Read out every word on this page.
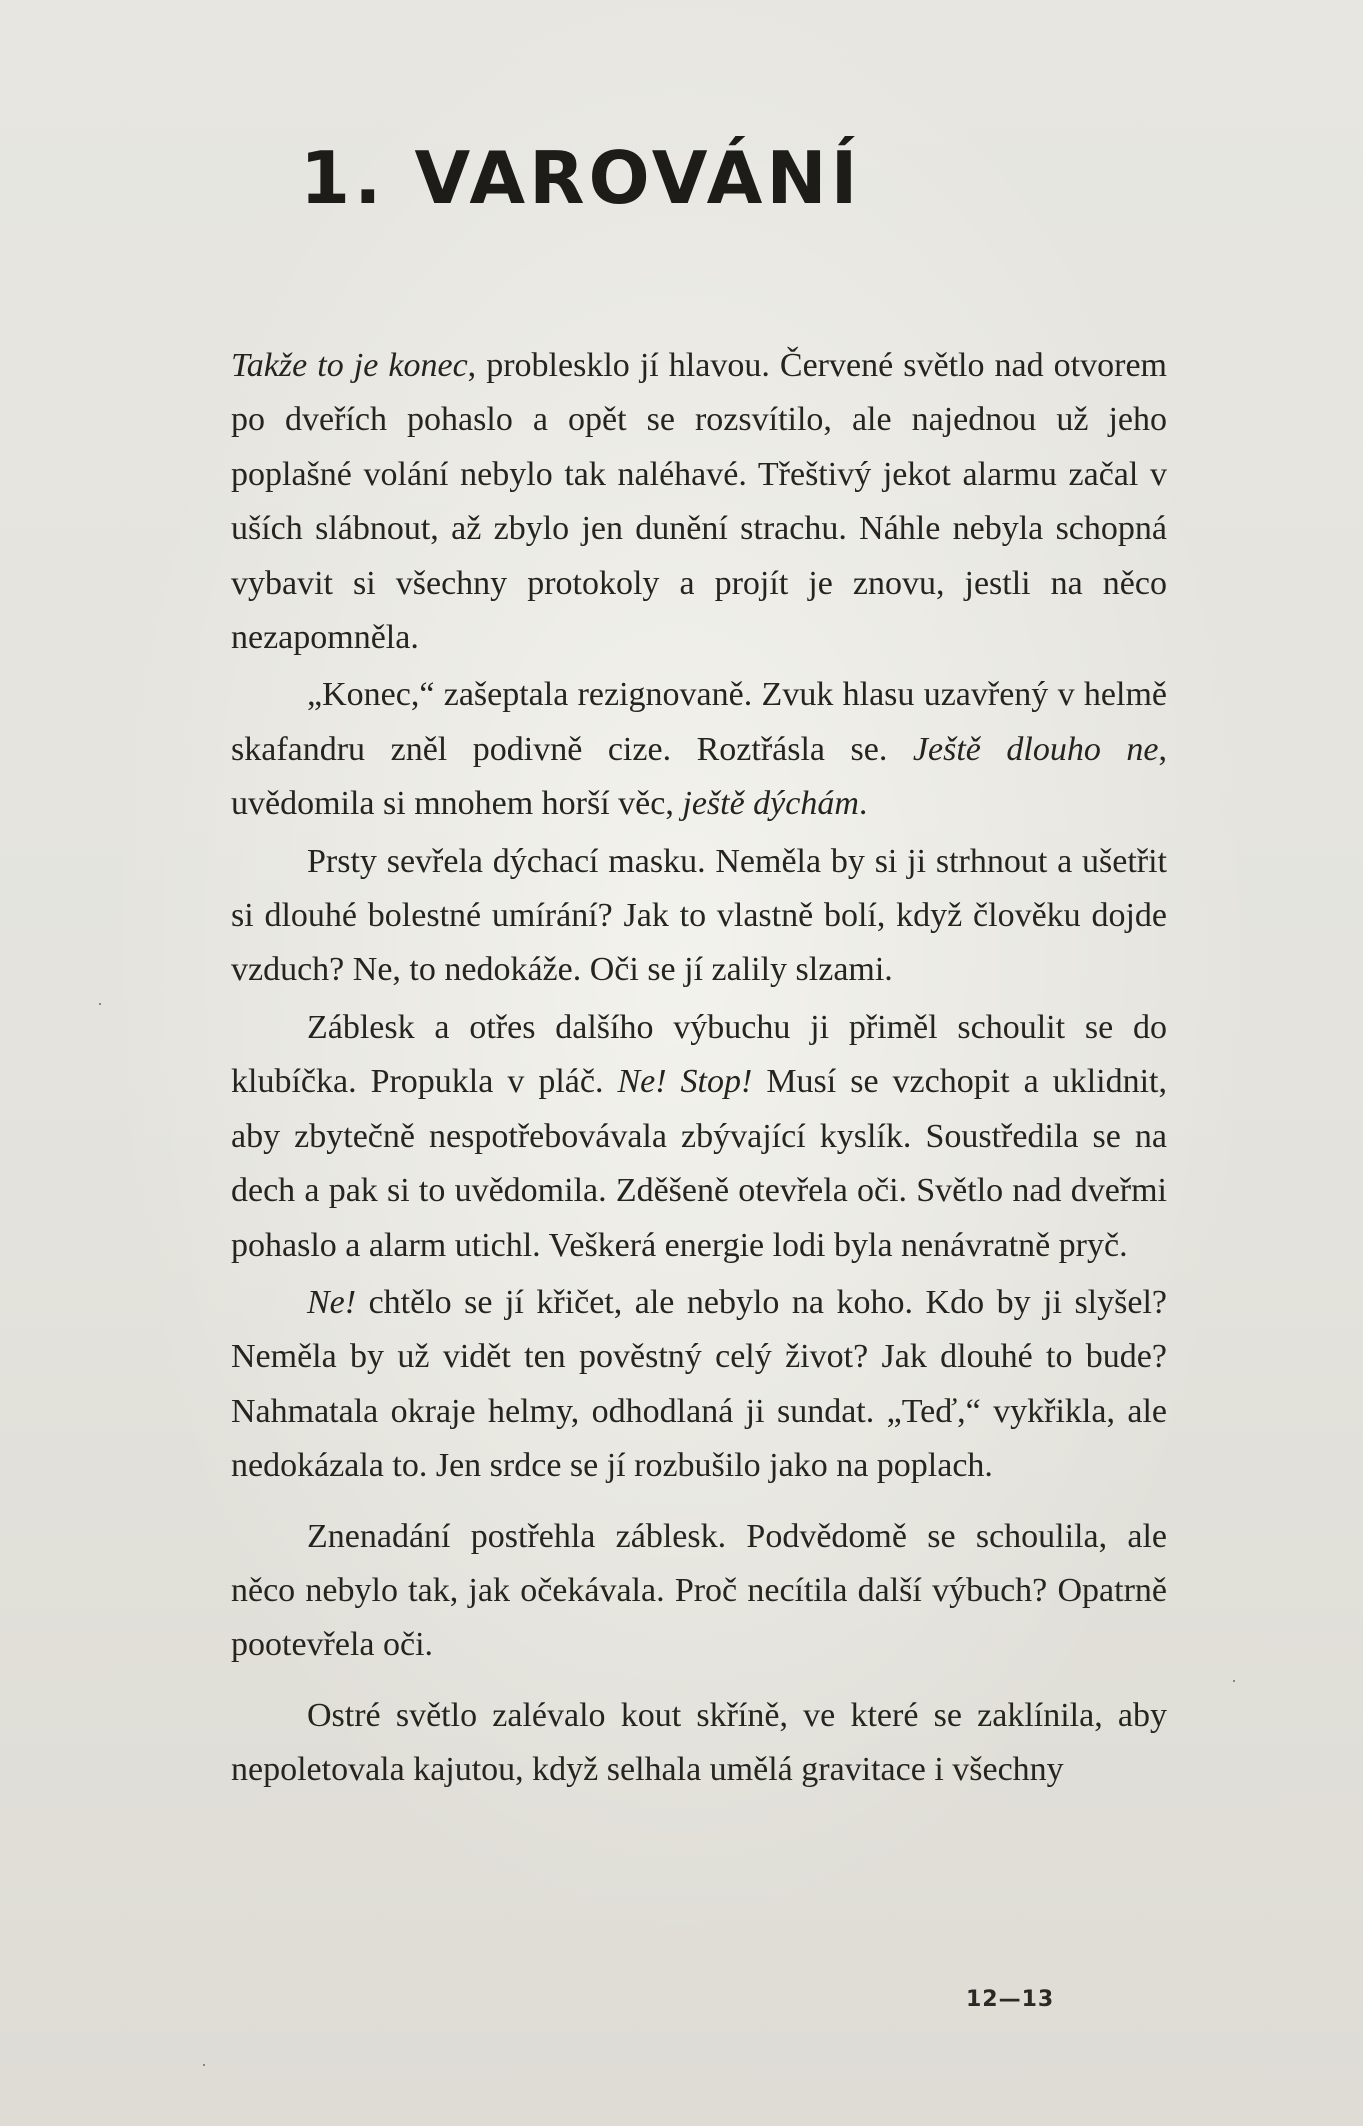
1. VAROVÁNÍ

Takže to je konec, problesklo jí hlavou. Červené světlo nad otvorem po dveřích pohaslo a opět se rozsvítilo, ale najednou už jeho poplašné volání nebylo tak naléhavé. Třeštivý jekot alarmu začal v uších slábnout, až zbylo jen dunění strachu. Náhle nebyla schopná vybavit si všechny protokoly a projít je znovu, jestli na něco nezapomněla.

„Konec,“ zašeptala rezignovaně. Zvuk hlasu uzavřený v helmě skafandru zněl podivně cize. Roztřásla se. Ještě dlouho ne, uvědomila si mnohem horší věc, ještě dýchám.

Prsty sevřela dýchací masku. Neměla by si ji strhnout a ušetřit si dlouhé bolestné umírání? Jak to vlastně bolí, když člověku dojde vzduch? Ne, to nedokáže. Oči se jí zalily slzami.

Záblesk a otřes dalšího výbuchu ji přiměl schoulit se do klubíčka. Propukla v pláč. Ne! Stop! Musí se vzchopit a uklidnit, aby zbytečně nespotřebovávala zbývající kyslík. Soustředila se na dech a pak si to uvědomila. Zděšeně otevřela oči. Světlo nad dveřmi pohaslo a alarm utichl. Veškerá energie lodi byla nenávratně pryč.

Ne! chtělo se jí křičet, ale nebylo na koho. Kdo by ji slyšel? Neměla by už vidět ten pověstný celý život? Jak dlouhé to bude? Nahmatala okraje helmy, odhodlaná ji sundat. „Teď,“ vykřikla, ale nedokázala to. Jen srdce se jí rozbušilo jako na poplach.

Znenadání postřehla záblesk. Podvědomě se schoulila, ale něco nebylo tak, jak očekávala. Proč necítila další výbuch? Opatrně pootevřela oči.

Ostré světlo zalévalo kout skříně, ve které se zaklínila, aby nepoletovala kajutou, když selhala umělá gravitace i všechny

12—13
